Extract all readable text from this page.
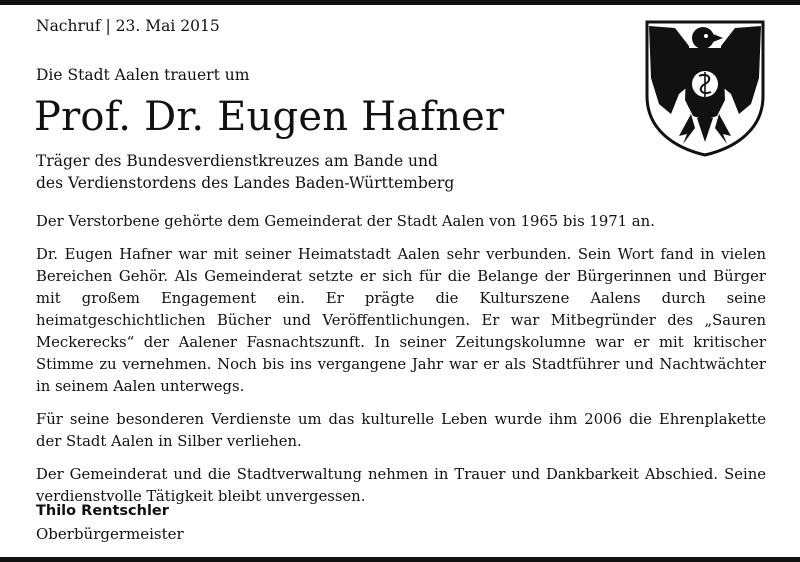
Nachruf | 23. Mai 2015
Die Stadt Aalen trauert um
Prof. Dr. Eugen Hafner
Träger des Bundesverdienstkreuzes am Bande und
des Verdienstordens des Landes Baden-Württemberg

Der Verstorbene gehörte dem Gemeinderat der Stadt Aalen von 1965 bis 1971 an.

Dr. Eugen Hafner war mit seiner Heimatstadt Aalen sehr verbunden. Sein Wort fand in vielen Bereichen Gehör. Als Gemeinderat setzte er sich für die Belange der Bürgerinnen und Bürger mit großem Engagement ein. Er prägte die Kulturszene Aalens durch seine heimatgeschichtlichen Bücher und Veröffentlichungen. Er war Mitbegründer des „Sauren Meckerecks“ der Aalener Fasnachtszunft. In seiner Zeitungskolumne war er mit kritischer Stimme zu vernehmen. Noch bis ins vergangene Jahr war er als Stadtführer und Nachtwächter in seinem Aalen unterwegs.

Für seine besonderen Verdienste um das kulturelle Leben wurde ihm 2006 die Ehrenplakette der Stadt Aalen in Silber verliehen.

Der Gemeinderat und die Stadtverwaltung nehmen in Trauer und Dankbarkeit Abschied. Seine verdienstvolle Tätigkeit bleibt unvergessen.

Thilo Rentschler
Oberbürgermeister
